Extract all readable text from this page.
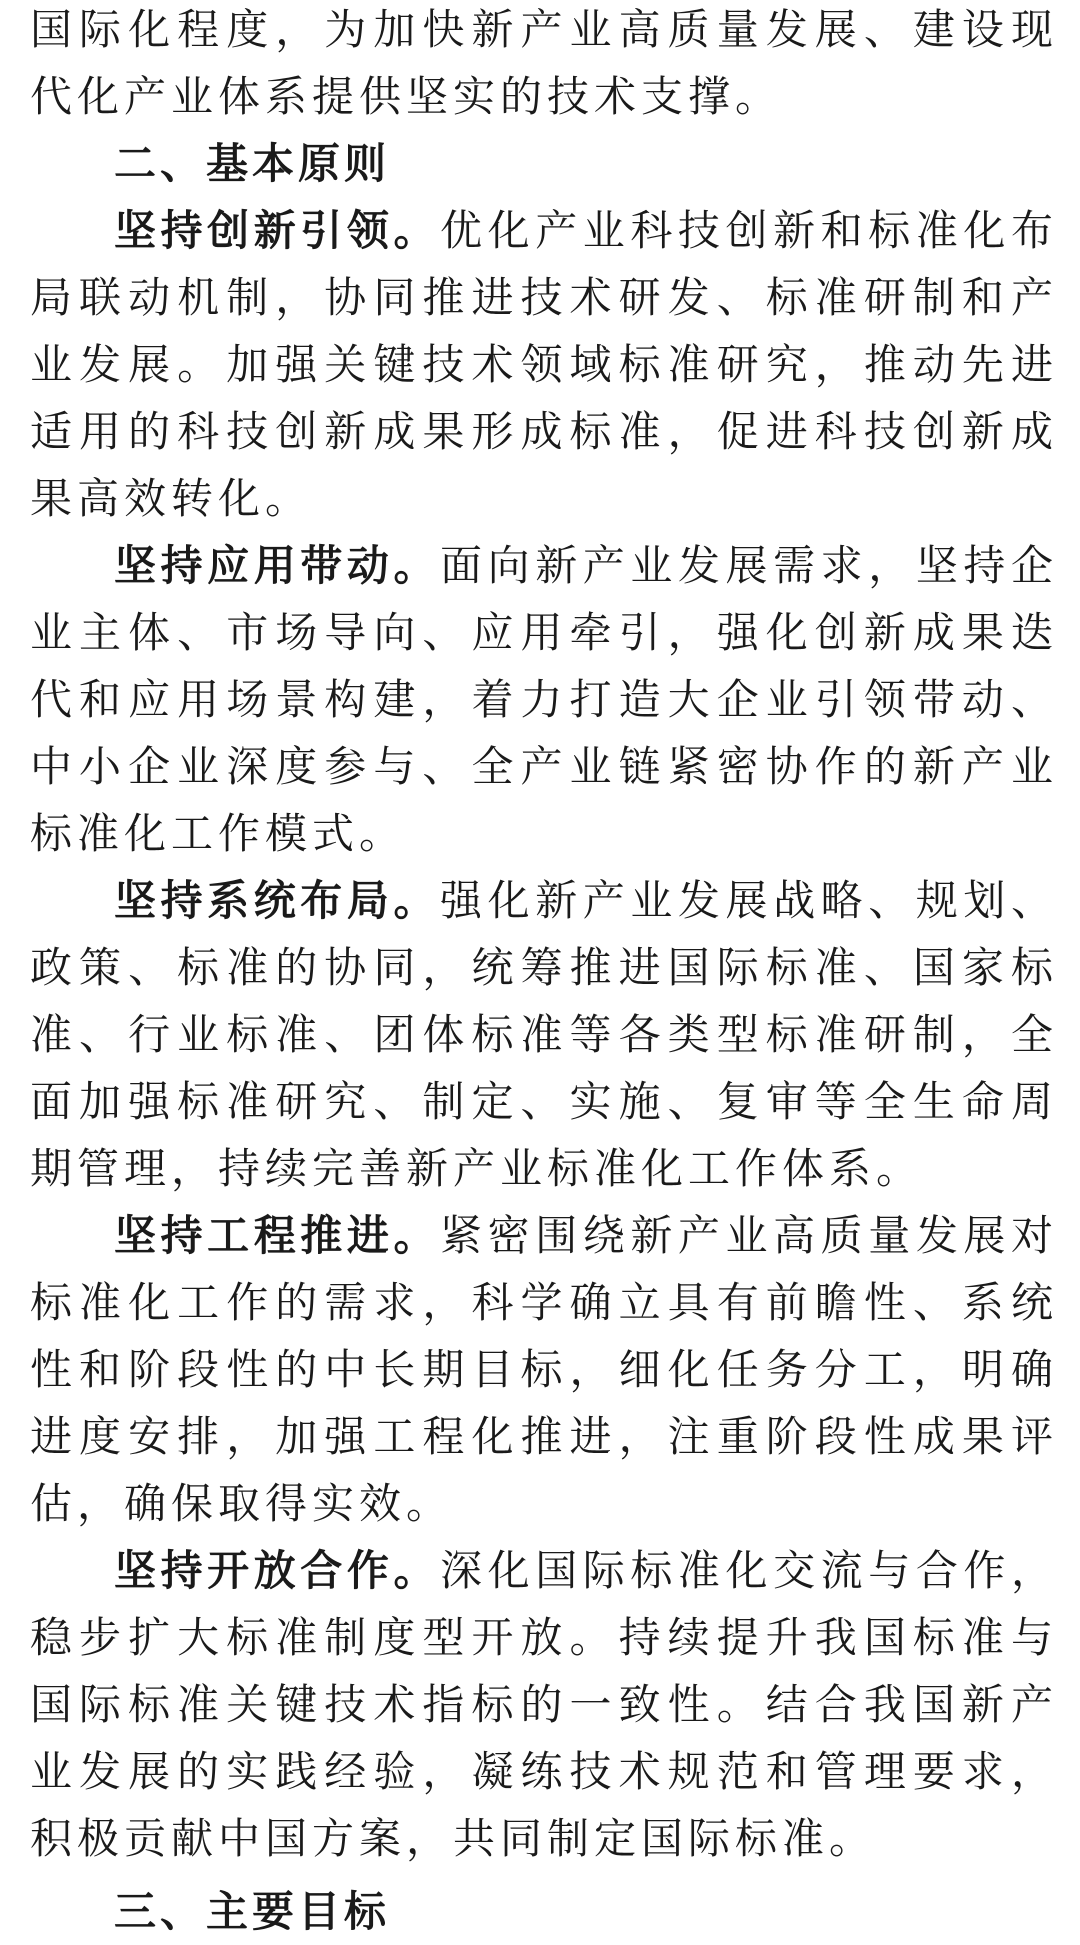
国际化程度，为加快新产业高质量发展、建设现代化产业体系提供坚实的技术支撑。

二、基本原则

坚持创新引领。优化产业科技创新和标准化布局联动机制，协同推进技术研发、标准研制和产业发展。加强关键技术领域标准研究，推动先进适用的科技创新成果形成标准，促进科技创新成果高效转化。

坚持应用带动。面向新产业发展需求，坚持企业主体、市场导向、应用牵引，强化创新成果迭代和应用场景构建，着力打造大企业引领带动、中小企业深度参与、全产业链紧密协作的新产业标准化工作模式。

坚持系统布局。强化新产业发展战略、规划、政策、标准的协同，统筹推进国际标准、国家标准、行业标准、团体标准等各类型标准研制，全面加强标准研究、制定、实施、复审等全生命周期管理，持续完善新产业标准化工作体系。

坚持工程推进。紧密围绕新产业高质量发展对标准化工作的需求，科学确立具有前瞻性、系统性和阶段性的中长期目标，细化任务分工，明确进度安排，加强工程化推进，注重阶段性成果评估，确保取得实效。

坚持开放合作。深化国际标准化交流与合作，稳步扩大标准制度型开放。持续提升我国标准与国际标准关键技术指标的一致性。结合我国新产业发展的实践经验，凝练技术规范和管理要求，积极贡献中国方案，共同制定国际标准。

三、主要目标
